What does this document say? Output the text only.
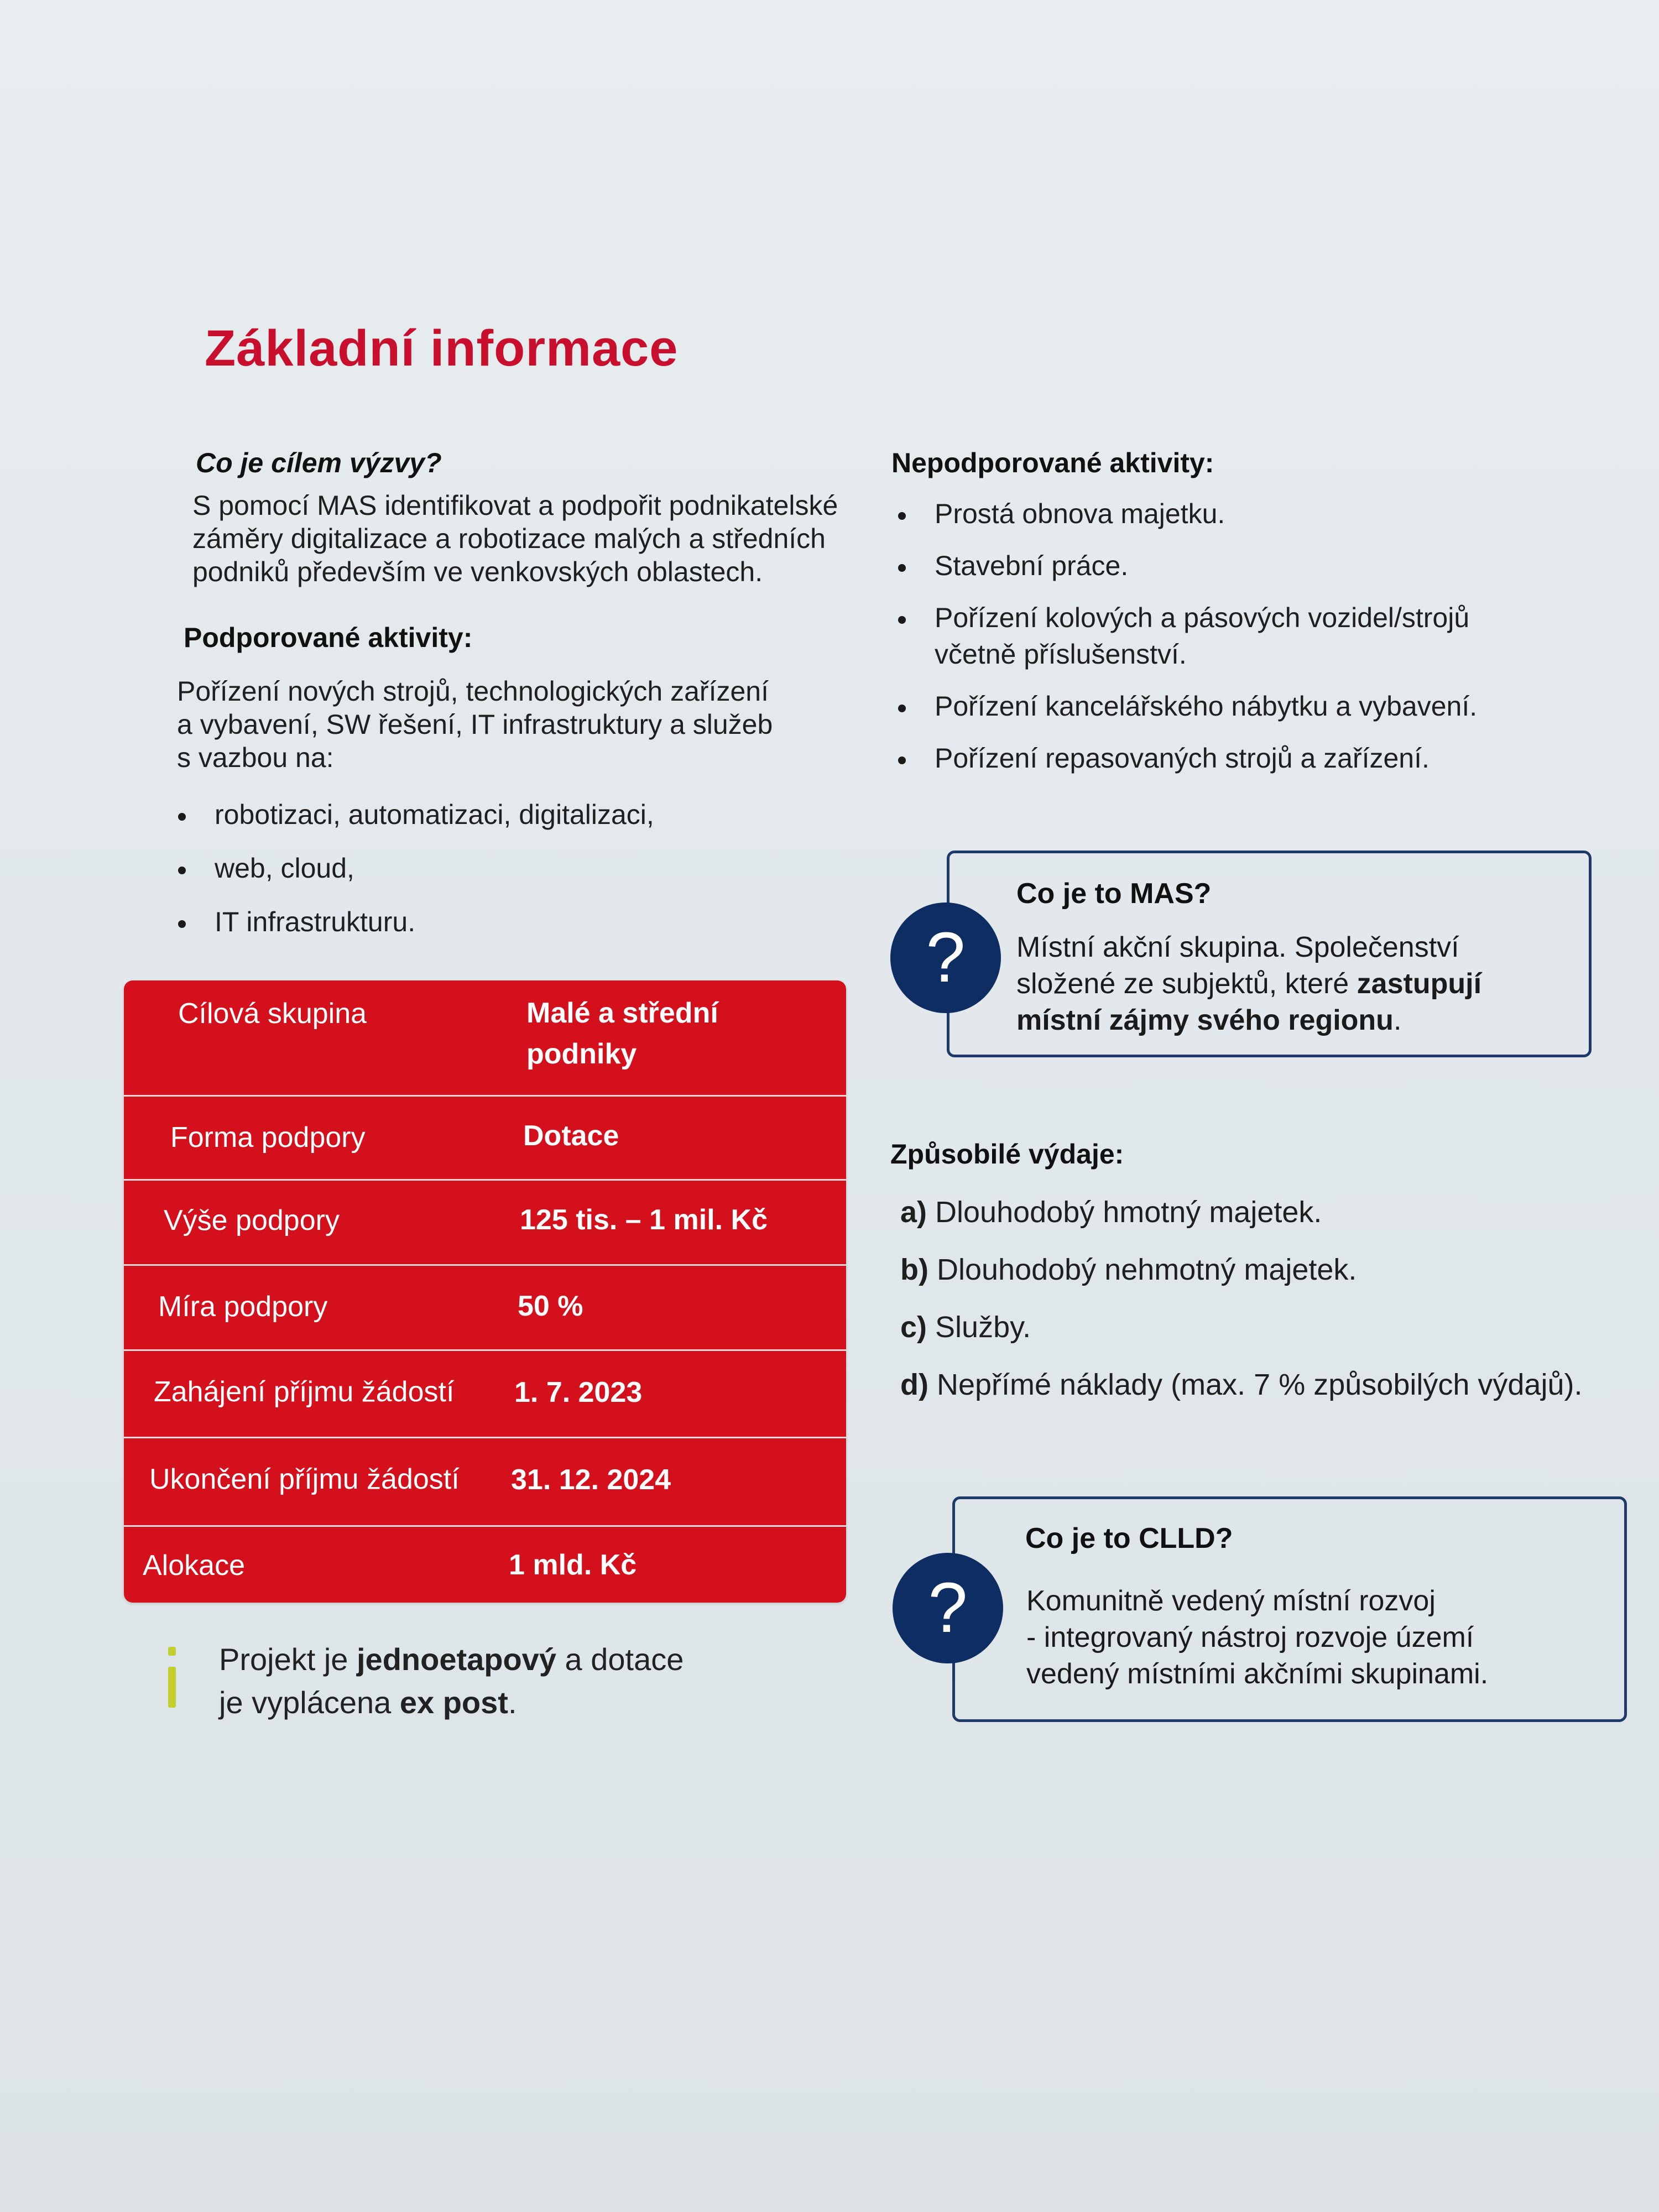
Základní informace
Co je cílem výzvy?
S pomocí MAS identifikovat a podpořit podnikatelské
záměry digitalizace a robotizace malých a středních
podniků především ve venkovských oblastech.
Podporované aktivity:
Pořízení nových strojů, technologických zařízení
a vybavení, SW řešení, IT infrastruktury a služeb
s vazbou na:
robotizaci, automatizaci, digitalizaci,
web, cloud,
IT infrastrukturu.
Cílová skupina	Malé a střední
podniky
Forma podpory	Dotace
Výše podpory	125 tis. – 1 mil. Kč
Míra podpory	50 %
Zahájení příjmu žádostí 1. 7. 2023
Ukončení příjmu žádostí 31. 12. 2024
Alokace	1 mld. Kč
Projekt je jednoetapový a dotace
je vyplácena ex post.
Nepodporované aktivity:
Prostá obnova majetku.
Stavební práce.
Pořízení kolových a pásových vozidel/strojů včetně příslušenství.
Pořízení kancelářského nábytku a vybavení.
Pořízení repasovaných strojů a zařízení.
?
Co je to MAS?
Místní akční skupina. Společenství
složené ze subjektů, které zastupují
místní zájmy svého regionu.
Způsobilé výdaje:
a) Dlouhodobý hmotný majetek.
b) Dlouhodobý nehmotný majetek.
c) Služby.
d) Nepřímé náklady (max. 7 % způsobilých výdajů).
?
Co je to CLLD?
Komunitně vedený místní rozvoj
- integrovaný nástroj rozvoje území
vedený místními akčními skupinami.
